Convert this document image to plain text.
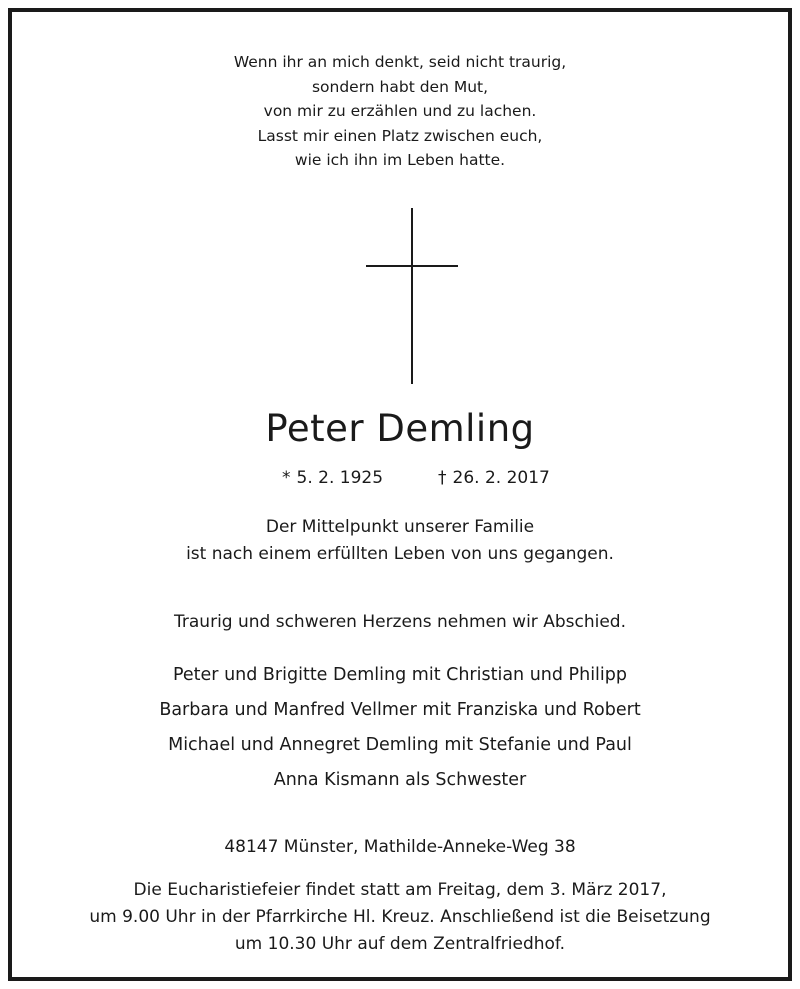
Wenn ihr an mich denkt, seid nicht traurig,
sondern habt den Mut,
von mir zu erzählen und zu lachen.
Lasst mir einen Platz zwischen euch,
wie ich ihn im Leben hatte.
Peter Demling
* 5. 2. 1925	† 26. 2. 2017
Der Mittelpunkt unserer Familie
ist nach einem erfüllten Leben von uns gegangen.
Traurig und schweren Herzens nehmen wir Abschied.
Peter und Brigitte Demling mit Christian und Philipp
Barbara und Manfred Vellmer mit Franziska und Robert
Michael und Annegret Demling mit Stefanie und Paul
Anna Kismann als Schwester
48147 Münster, Mathilde-Anneke-Weg 38
Die Eucharistiefeier findet statt am Freitag, dem 3. März 2017,
um 9.00 Uhr in der Pfarrkirche Hl. Kreuz. Anschließend ist die Beisetzung
um 10.30 Uhr auf dem Zentralfriedhof.
